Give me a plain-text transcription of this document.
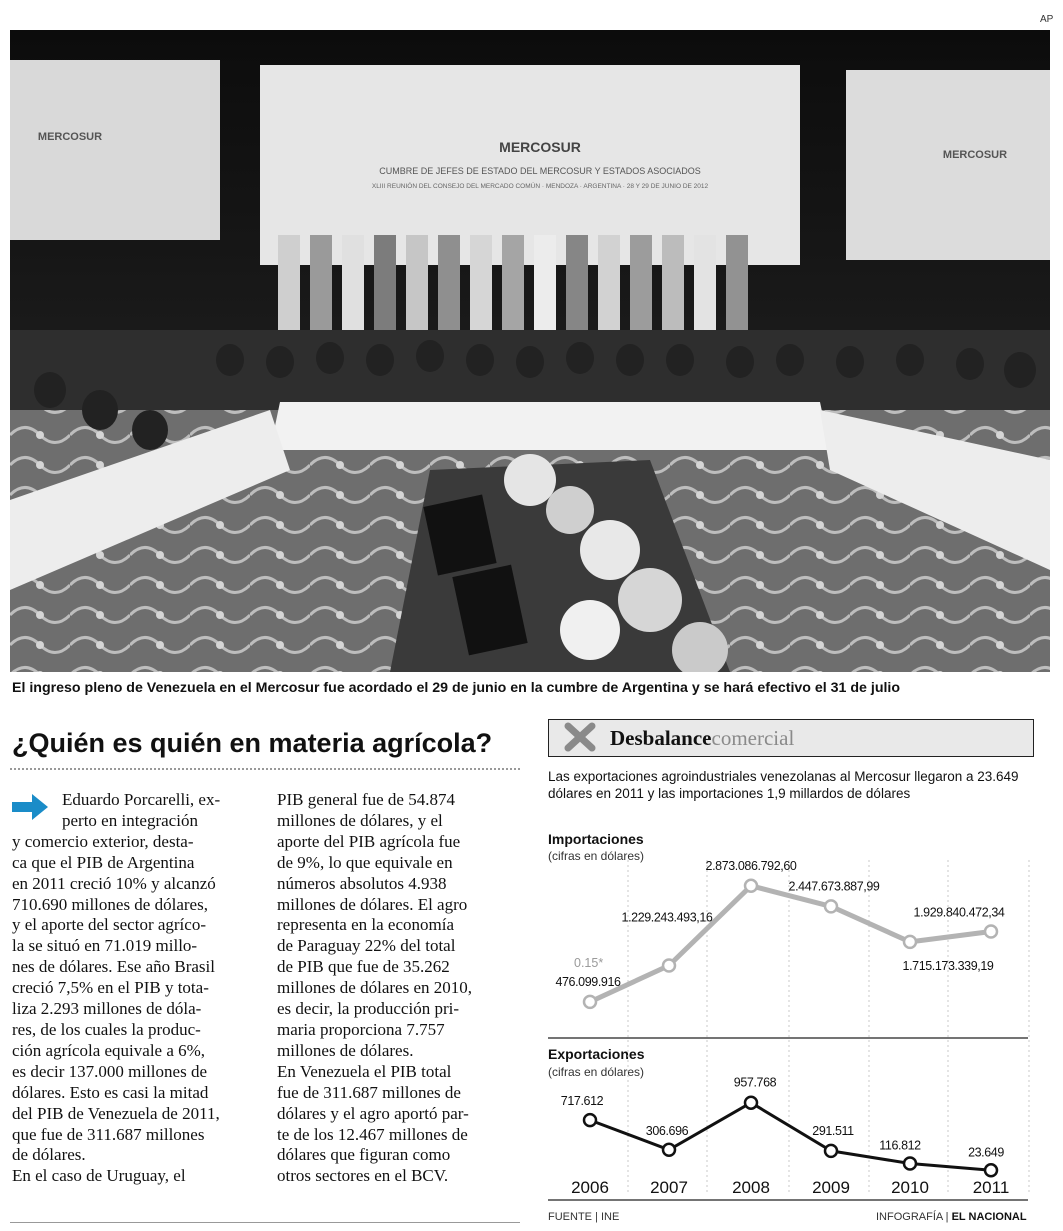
AP
MERCOSUR
CUMBRE DE JEFES DE ESTADO DEL MERCOSUR Y ESTADOS ASOCIADOS
XLIII REUNIÓN DEL CONSEJO DEL MERCADO COMÚN · MENDOZA · ARGENTINA · 28 Y 29 DE JUNIO DE 2012
MERCOSUR
MERCOSUR
El ingreso pleno de Venezuela en el Mercosur fue acordado el 29 de junio en la cumbre de Argentina y se hará efectivo el 31 de julio
¿Quién es quién en materia agrícola?

Eduardo Porcarelli, ex-

perto en integración

y comercio exterior, desta-

ca que el PIB de Argentina

en 2011 creció 10% y alcanzó

710.690 millones de dólares,

y el aporte del sector agríco-

la se situó en 71.019 millo-

nes de dólares. Ese año Brasil

creció 7,5% en el PIB y tota-

liza 2.293 millones de dóla-

res, de los cuales la produc-

ción agrícola equivale a 6%,

es decir 137.000 millones de

dólares. Esto es casi la mitad

del PIB de Venezuela de 2011,

que fue de 311.687 millones

de dólares.

En el caso de Uruguay, el

PIB general fue de 54.874

millones de dólares, y el

aporte del PIB agrícola fue

de 9%, lo que equivale en

números absolutos 4.938

millones de dólares. El agro

representa en la economía

de Paraguay 22% del total

de PIB que fue de 35.262

millones de dólares en 2010,

es decir, la producción pri-

maria proporciona 7.757

millones de dólares.

En Venezuela el PIB total

fue de 311.687 millones de

dólares y el agro aportó par-

te de los 12.467 millones de

dólares que figuran como

otros sectores en el BCV.

Desbalancecomercial
Las exportaciones agroindustriales venezolanas al Mercosur llegaron a 23.649 dólares en 2011 y las importaciones 1,9 millardos de dólares
Importaciones
(cifras en dólares)
Exportaciones
(cifras en dólares)
476.099.916
1.229.243.493,16
2.873.086.792,60
2.447.673.887,99
1.715.173.339,19
1.929.840.472,34
0.15*
717.612
306.696
957.768
291.511
116.812	23.649
2006 2007	2008 2009 2010	2011
FUENTE | INE	INFOGRAFÍA | EL NACIONAL
